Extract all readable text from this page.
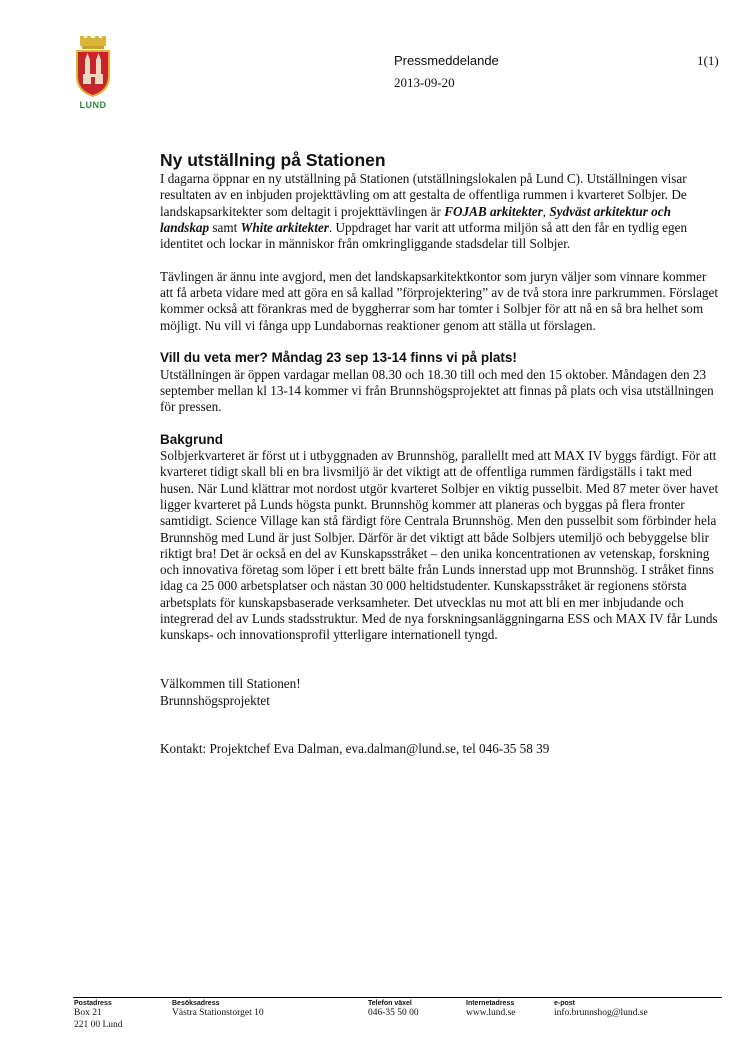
LUND
Pressmeddelande
2013-09-20
1(1)
Ny utställning på Stationen

I dagarna öppnar en ny utställning på Stationen (utställningslokalen på Lund C). Utställningen visar resultaten av en inbjuden projekttävling om att gestalta de offentliga rummen i kvarteret Solbjer. De landskapsarkitekter som deltagit i projekttävlingen är FOJAB arkitekter, Sydväst arkitektur och landskap samt White arkitekter. Uppdraget har varit att utforma miljön så att den får en tydlig egen identitet och lockar in människor från omkringliggande stadsdelar till Solbjer.

Tävlingen är ännu inte avgjord, men det landskapsarkitektkontor som juryn väljer som vinnare kommer att få arbeta vidare med att göra en så kallad ”förprojektering” av de två stora inre parkrummen. Förslaget kommer också att förankras med de byggherrar som har tomter i Solbjer för att nå en så bra helhet som möjligt. Nu vill vi fånga upp Lundabornas reaktioner genom att ställa ut förslagen.

Vill du veta mer? Måndag 23 sep 13-14 finns vi på plats!

Utställningen är öppen vardagar mellan 08.30 och 18.30 till och med den 15 oktober. Måndagen den 23 september mellan kl 13-14 kommer vi från Brunnshögsprojektet att finnas på plats och visa utställningen för pressen.

Bakgrund

Solbjerkvarteret är först ut i utbyggnaden av Brunnshög, parallellt med att MAX IV byggs färdigt. För att kvarteret tidigt skall bli en bra livsmiljö är det viktigt att de offentliga rummen färdigställs i takt med husen. När Lund klättrar mot nordost utgör kvarteret Solbjer en viktig pusselbit. Med 87 meter över havet ligger kvarteret på Lunds högsta punkt. Brunnshög kommer att planeras och byggas på flera fronter samtidigt. Science Village kan stå färdigt före Centrala Brunnshög. Men den pusselbit som förbinder hela Brunnshög med Lund är just Solbjer. Därför är det viktigt att både Solbjers utemiljö och bebyggelse blir riktigt bra! Det är också en del av Kunskapsstråket – den unika koncentrationen av vetenskap, forskning och innovativa företag som löper i ett brett bälte från Lunds innerstad upp mot Brunnshög. I stråket finns idag ca 25 000 arbetsplatser och nästan 30 000 heltidstudenter. Kunskapsstråket är regionens största arbetsplats för kunskapsbaserade verksamheter. Det utvecklas nu mot att bli en mer inbjudande och integrerad del av Lunds stadsstruktur. Med de nya forskningsanläggningarna ESS och MAX IV får Lunds kunskaps- och innovationsprofil ytterligare internationell tyngd.

Välkommen till Stationen!

Brunnshögsprojektet

Kontakt: Projektchef Eva Dalman, eva.dalman@lund.se, tel 046-35 58 39

Postadress
Box 21
221 00 Lund
Besöksadress
Västra Stationstorget 10
Telefon växel
046-35 50 00
Internetadress
www.lund.se
e-post
info.brunnshog@lund.se
